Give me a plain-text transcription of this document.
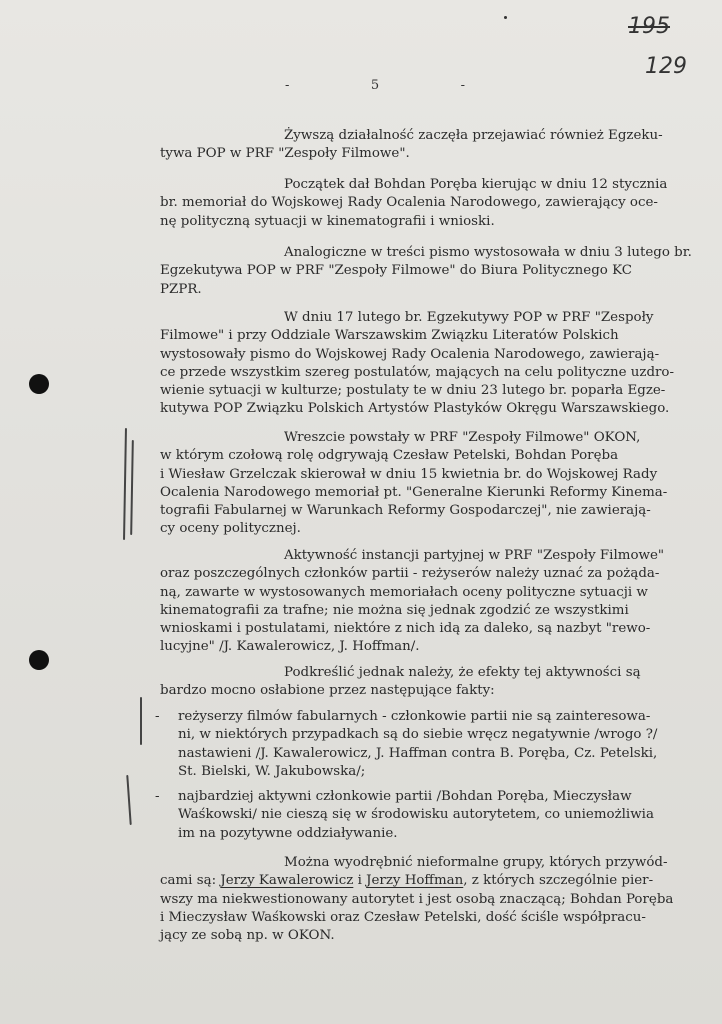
195
129
-	5	-
Żywszą działalność zaczęła przejawiać również Egzeku-
tywa POP w PRF "Zespoły Filmowe".
Początek dał Bohdan Poręba kierując w dniu 12 stycznia
br. memoriał do Wojskowej Rady Ocalenia Narodowego, zawierający oce-
nę polityczną sytuacji w kinematografii i wnioski.
Analogiczne w treści pismo wystosowała w dniu 3 lutego br.
Egzekutywa POP w PRF "Zespoły Filmowe" do Biura Politycznego KC
PZPR.
W dniu 17 lutego br. Egzekutywy POP w PRF "Zespoły
Filmowe" i przy Oddziale Warszawskim Związku Literatów Polskich
wystosowały pismo do Wojskowej Rady Ocalenia Narodowego, zawierają-
ce przede wszystkim szereg postulatów, mających na celu polityczne uzdro-
wienie sytuacji w kulturze; postulaty te w dniu 23 lutego br. poparła Egze-
kutywa POP Związku Polskich Artystów Plastyków Okręgu Warszawskiego.
Wreszcie powstały w PRF "Zespoły Filmowe" OKON,
w którym czołową rolę odgrywają Czesław Petelski, Bohdan Poręba
i Wiesław Grzelczak skierował w dniu 15 kwietnia br. do Wojskowej Rady
Ocalenia Narodowego memoriał pt. "Generalne Kierunki Reformy Kinema-
tografii Fabularnej w Warunkach Reformy Gospodarczej", nie zawierają-
cy oceny politycznej.
Aktywność instancji partyjnej w PRF "Zespoły Filmowe"
oraz poszczególnych członków partii - reżyserów należy uznać za pożąda-
ną, zawarte w wystosowanych memoriałach oceny polityczne sytuacji w
kinematografii za trafne; nie można się jednak zgodzić ze wszystkimi
wnioskami i postulatami, niektóre z nich idą za daleko, są nazbyt "rewo-
lucyjne" /J. Kawalerowicz, J. Hoffman/.
Podkreślić jednak należy, że efekty tej aktywności są
bardzo mocno osłabione przez następujące fakty:
- reżyserzy filmów fabularnych - członkowie partii nie są zainteresowa-
ni, w niektórych przypadkach są do siebie wręcz negatywnie /wrogo ?/
nastawieni /J. Kawalerowicz, J. Haffman contra B. Poręba, Cz. Petelski,
St. Bielski, W. Jakubowska/;
- najbardziej aktywni członkowie partii /Bohdan Poręba, Mieczysław
Waśkowski/ nie cieszą się w środowisku autorytetem, co uniemożliwia
im na pozytywne oddziaływanie.
Można wyodrębnić nieformalne grupy, których przywód-
cami są: Jerzy Kawalerowicz i Jerzy Hoffman, z których szczególnie pier-
wszy ma niekwestionowany autorytet i jest osobą znaczącą; Bohdan Poręba
i Mieczysław Waśkowski oraz Czesław Petelski, dość ściśle współpracu-
jący ze sobą np. w OKON.
